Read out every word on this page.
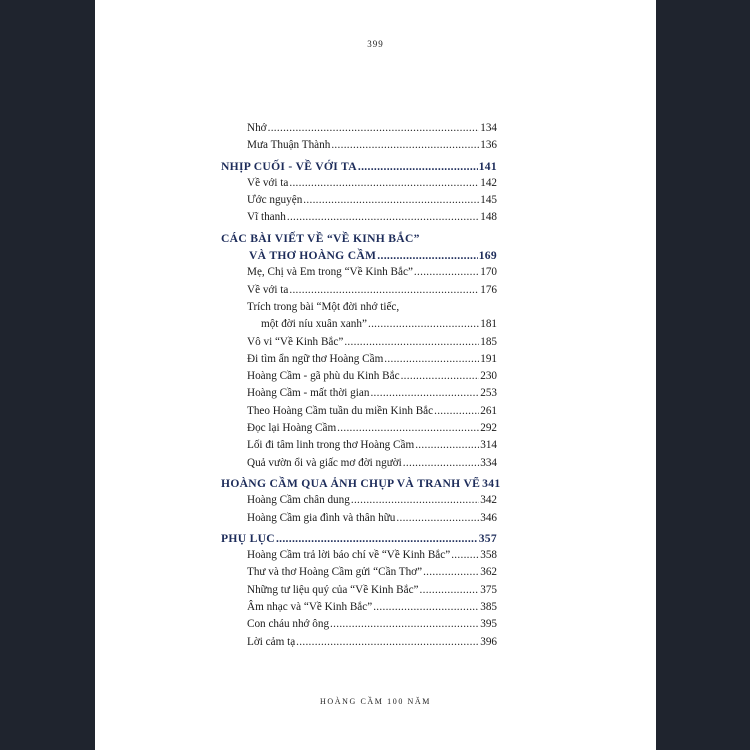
399
Nhớ .....	134
Mưa Thuận Thành .....	136
NHỊP CUỐI - VỀ VỚI TA .....	141
Về với ta .....	142
Ước nguyện .....	145
Vĩ thanh .....	148
CÁC BÀI VIẾT VỀ “VỀ KINH BẮC”
VÀ THƠ HOÀNG CẦM .....	169
Mẹ, Chị và Em trong “Về Kinh Bắc” .....	170
Về với ta .....	176
Trích trong bài “Một đời nhớ tiếc,
một đời níu xuân xanh” .....	181
Vô vi “Về Kinh Bắc” .....	185
Đi tìm ẩn ngữ thơ Hoàng Cầm .....	191
Hoàng Cầm - gã phù du Kinh Bắc .....	230
Hoàng Cầm - mất thời gian .....	253
Theo Hoàng Cầm tuần du miền Kinh Bắc .....	261
Đọc lại Hoàng Cầm .....	292
Lối đi tâm linh trong thơ Hoàng Cầm .....	314
Quả vườn ổi và giấc mơ đời người .....	334
HOÀNG CẦM QUA ẢNH CHỤP VÀ TRANH VẼ 341
Hoàng Cầm chân dung .....	342
Hoàng Cầm gia đình và thân hữu .....	346
PHỤ LỤC .....	357
Hoàng Cầm trả lời báo chí về “Về Kinh Bắc” .....	358
Thư và thơ Hoàng Cầm gửi “Cần Thơ” .....	362
Những tư liệu quý của “Về Kinh Bắc” .....	375
Âm nhạc và “Về Kinh Bắc” .....	385
Con cháu nhớ ông .....	395
Lời cảm tạ .....	396
HOÀNG CẦM 100 NĂM
